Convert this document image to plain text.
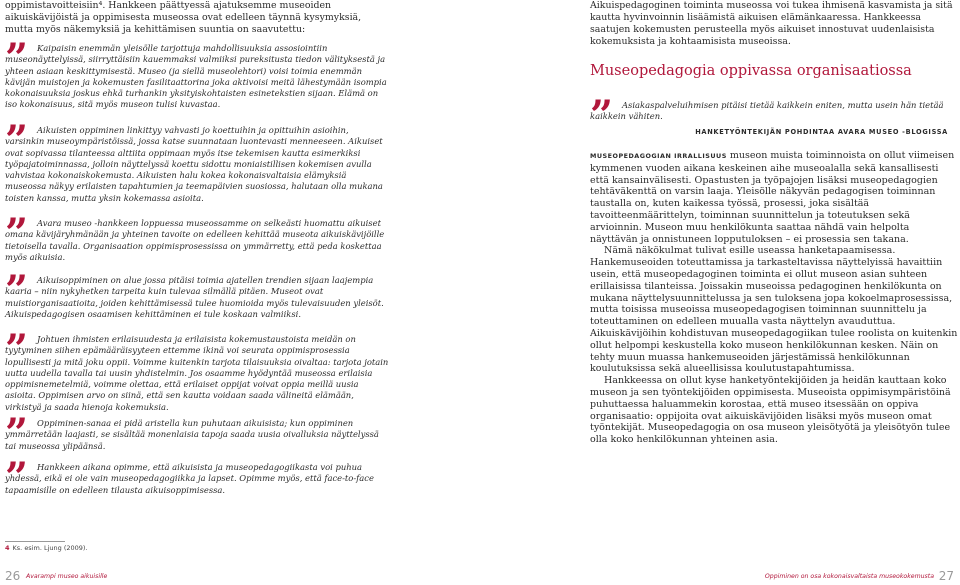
oppimistavoitteisiin⁴. Hankkeen päättyessä ajatuksemme museoiden aikuiskävijöistä ja oppimisesta museossa ovat edelleen täynnä kysymyksiä, mutta myös näkemyksiä ja kehittämisen suuntia on saavutettu:
”	Kaipaisin enemmän yleisölle tarjottuja mahdollisuuksia assosiointiin museonäyttelyissä, siirryttäisiin kauemmaksi valmiiksi pureksitusta tiedon välityksestä ja yhteen asiaan keskittymisestä. Museo (ja siellä museolehtori) voisi toimia enemmän kävijän muistojen ja kokemusten fasilitaattorina joka aktivoisi meitä lähestymään isompia kokonaisuuksia joskus ehkä turhankin yksityiskohtaisten esinetekstien sijaan. Elämä on iso kokonaisuus, sitä myös museon tulisi kuvastaa.
”	Aikuisten oppiminen linkittyy vahvasti jo koettuihin ja opittuihin asioihin, varsinkin museoympäristöissä, jossa katse suunnataan luontevasti menneeseen. Aikuiset ovat sopivassa tilanteessa alttiita oppimaan myös itse tekemisen kautta esimerkiksi työpajatoiminnassa, jolloin näyttelyssä koettu sidottu moniaistillisen kokemisen avulla vahvistaa kokonaiskokemusta. Aikuisten halu kokea kokonaisvaltaisia elämyksiä museossa näkyy erilaisten tapahtumien ja teemapäivien suosiossa, halutaan olla mukana toisten kanssa, mutta yksin kokemassa asioita.
”	Avara museo -hankkeen loppuessa museossamme on selkeästi huomattu aikuiset omana kävijäryhmänään ja yhteinen tavoite on edelleen kehittää museota aikuiskävijöille tietoisella tavalla. Organisaation oppimisprosessissa on ymmärretty, että peda koskettaa myös aikuisia.
”	Aikuisoppiminen on alue jossa pitäisi toimia ajatellen trendien sijaan laajempia kaaria – niin nykyhetken tarpeita kuin tulevaa silmällä pitäen. Museot ovat muistiorganisaatioita, joiden kehittämisessä tulee huomioida myös tulevaisuuden yleisöt. Aikuispedagogisen osaamisen kehittäminen ei tule koskaan valmiiksi.
”	Johtuen ihmisten erilaisuudesta ja erilaisista kokemustaustoista meidän on tyytyminen siihen epämääräisyyteen ettemme ikinä voi seurata oppimisprosessia lopullisesti ja mitä joku oppii. Voimme kuitenkin tarjota tilaisuuksia oivaltaa: tarjota jotain uutta uudella tavalla tai uusin yhdistelmin. Jos osaamme hyödyntää museossa erilaisia oppimisnemetelmiä, voimme olettaa, että erilaiset oppijat voivat oppia meillä uusia asioita. Oppimisen arvo on siinä, että sen kautta voidaan saada välineitä elämään, virkistyä ja saada hienoja kokemuksia.
”	Oppiminen-sanaa ei pidä aristella kun puhutaan aikuisista; kun oppiminen ymmärretään laajasti, se sisältää monenlaisia tapoja saada uusia oivalluksia näyttelyssä tai museossa ylipäänsä.
”	Hankkeen aikana opimme, että aikuisista ja museopedagogiikasta voi puhua yhdessä, eikä ei ole vain museopedagogiikka ja lapset. Opimme myös, että face-to-face tapaamisille on edelleen tilausta aikuisoppimisessa.
Aikuispedagoginen toiminta museossa voi tukea ihmisenä kasvamista ja sitä kautta hyvinvoinnin lisäämistä aikuisen elämänkaaressa. Hankkeessa saatujen kokemusten perusteella myös aikuiset innostuvat uudenlaisista kokemuksista ja kohtaamisista museoissa.
Museopedagogia oppivassa organisaatiossa
”	Asiakaspalveluihmisen pitäisi tietää kaikkein eniten, mutta usein hän tietää kaikkein vähiten.
HANKETYÖNTEKIJÄN POHDINTAA AVARA MUSEO -BLOGISSA

MUSEOPEDAGOGIAN IRRALLISUUS museon muista toiminnoista on ollut viimeisen kymmenen vuoden aikana keskeinen aihe museoalalla sekä kansallisesti että kansainvälisesti. Opastusten ja työpajojen lisäksi museopedagogien tehtäväkenttä on varsin laaja. Yleisölle näkyvän pedagogisen toiminnan taustalla on, kuten kaikessa työssä, prosessi, joka sisältää tavoitteenmäärittelyn, toiminnan suunnittelun ja toteutuksen sekä arvioinnin. Museon muu henkilökunta saattaa nähdä vain helpolta näyttävän ja onnistuneen lopputuloksen – ei prosessia sen takana.

Nämä näkökulmat tulivat esille useassa hanketapaamisessa. Hankemuseoiden toteuttamissa ja tarkasteltavissa näyttelyissä havaittiin usein, että museopedagoginen toiminta ei ollut museon asian suhteen erillaisissa tilanteissa. Joissakin museoissa pedagoginen henkilökunta on mukana näyttelysuunnittelussa ja sen tuloksena jopa kokoelmaprosessissa, mutta toisissa museoissa museopedagogisen toiminnan suunnittelu ja toteuttaminen on edelleen muualla vasta näyttelyn avauduttua. Aikuiskävijöihin kohdistuvan museopedagogiikan tulee roolista on kuitenkin ollut helpompi keskustella koko museon henkilökunnan kesken. Näin on tehty muun muassa hankemuseoiden järjestämissä henkilökunnan koulutuksissa sekä alueellisissa koulutustapahtumissa.

Hankkeessa on ollut kyse hanketyöntekijöiden ja heidän kauttaan koko museon ja sen työntekijöiden oppimisesta. Museoista oppimisympäristöinä puhuttaessa haluammekin korostaa, että museo itsessään on oppiva organisaatio: oppijoita ovat aikuiskävijöiden lisäksi myös museon omat työntekijät. Museopedagogia on osa museon yleisötyötä ja yleisötyön tulee olla koko henkilökunnan yhteinen asia.

4 Ks. esim. Ljung (2009).
26 Avarampi museo aikuisille	Oppiminen on osa kokonaisvaltaista museokokemusta 27
